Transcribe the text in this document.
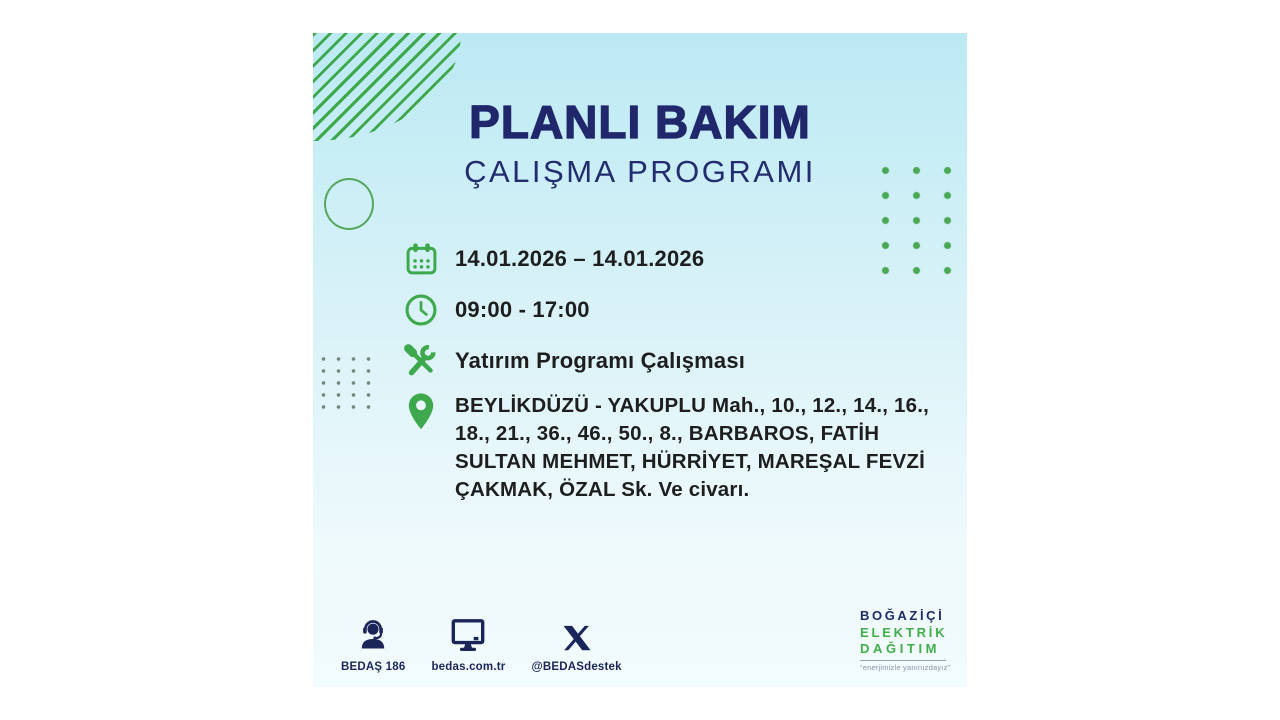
PLANLI BAKIM
ÇALIŞMA PROGRAMI
14.01.2026 – 14.01.2026
09:00 - 17:00
Yatırım Programı Çalışması
BEYLİKDÜZÜ - YAKUPLU Mah., 10., 12., 14., 16., 18., 21., 36., 46., 50., 8., BARBAROS, FATİH SULTAN MEHMET, HÜRRİYET, MAREŞAL FEVZİ ÇAKMAK, ÖZAL Sk. Ve civarı.
BEDAŞ 186 bedas.com.tr @BEDASdestek
BOĞAZİÇİ
ELEKTRİK
DAĞITIM
“enerjimizle yanınızdayız”
